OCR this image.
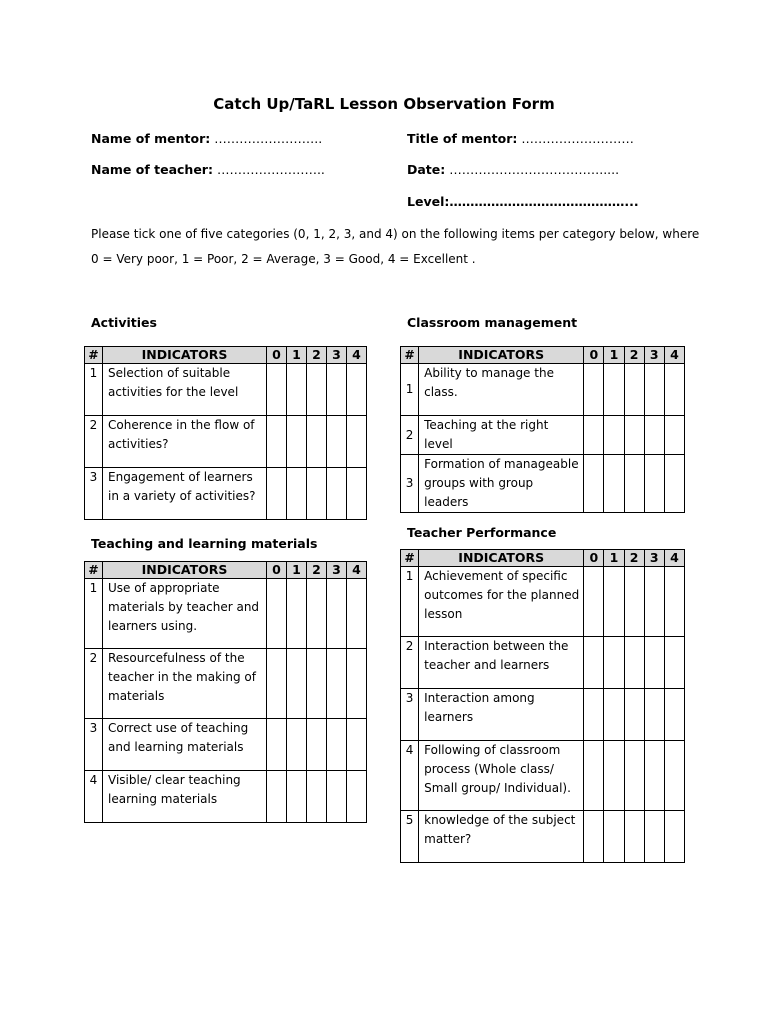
Catch Up/TaRL Lesson Observation Form
Name of mentor: ……………………..	Title of mentor: ………………………
Name of teacher: ……………………..	Date: ……………………………….....
Level:……………………………………...
Please tick one of five categories (0, 1, 2, 3, and 4) on the following items per category below, where
0 = Very poor, 1 = Poor, 2 = Average, 3 = Good, 4 = Excellent .
Activities	Classroom management
Teaching and learning materials
Teacher Performance
#	INDICATORS	0	1	2	3	4
1	Selection of suitable activities for the level					
2	Coherence in the flow of activities?					
3	Engagement of learners in a variety of activities?					
#	INDICATORS	0	1	2	3	4
1	Use of appropriate materials by teacher and learners using.					
2	Resourcefulness of the teacher in the making of materials					
3	Correct use of teaching and learning materials					
4	Visible/ clear teaching learning materials					
#	INDICATORS	0	1	2	3	4
1	Ability to manage the class.					
2	Teaching at the right level					
3	Formation of manageable groups with group leaders					
#	INDICATORS	0	1	2	3	4
1	Achievement of specific outcomes for the planned lesson					
2	Interaction between the teacher and learners					
3	Interaction among learners					
4	Following of classroom process (Whole class/ Small group/ Individual).					
5	knowledge of the subject matter?					
